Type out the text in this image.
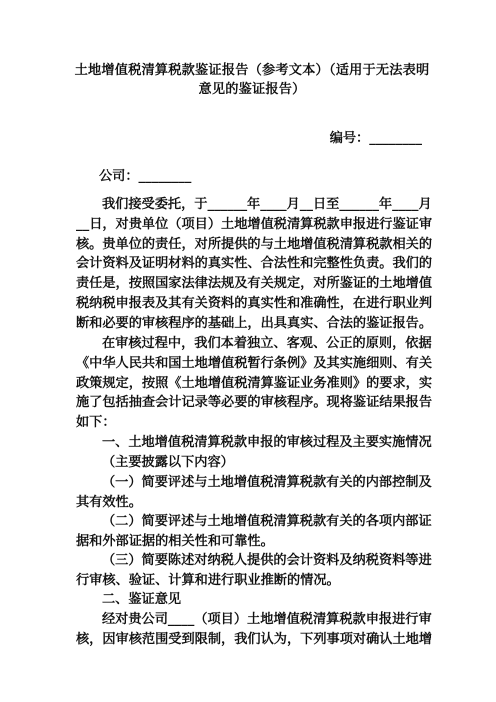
土地增值税清算税款鉴证报告（参考文本）（适用于无法表明
意见的鉴证报告）
编号：________
公司：________
我们接受委托，于______年____月__日至______年____月
__日，对贵单位（项目）土地增值税清算税款申报进行鉴证审
核。贵单位的责任，对所提供的与土地增值税清算税款相关的
会计资料及证明材料的真实性、合法性和完整性负责。我们的
责任是，按照国家法律法规及有关规定，对所鉴证的土地增值
税纳税申报表及其有关资料的真实性和准确性，在进行职业判
断和必要的审核程序的基础上，出具真实、合法的鉴证报告。
在审核过程中，我们本着独立、客观、公正的原则，依据
《中华人民共和国土地增值税暂行条例》及其实施细则、有关
政策规定，按照《土地增值税清算鉴证业务准则》的要求，实
施了包括抽查会计记录等必要的审核程序。现将鉴证结果报告
如下：
一、土地增值税清算税款申报的审核过程及主要实施情况
（主要披露以下内容）
（一）简要评述与土地增值税清算税款有关的内部控制及
其有效性。
（二）简要评述与土地增值税清算税款有关的各项内部证
据和外部证据的相关性和可靠性。
（三）简要陈述对纳税人提供的会计资料及纳税资料等进
行审核、验证、计算和进行职业推断的情况。
二、鉴证意见
经对贵公司____（项目）土地增值税清算税款申报进行审
核，因审核范围受到限制，我们认为，下列事项对确认土地增
